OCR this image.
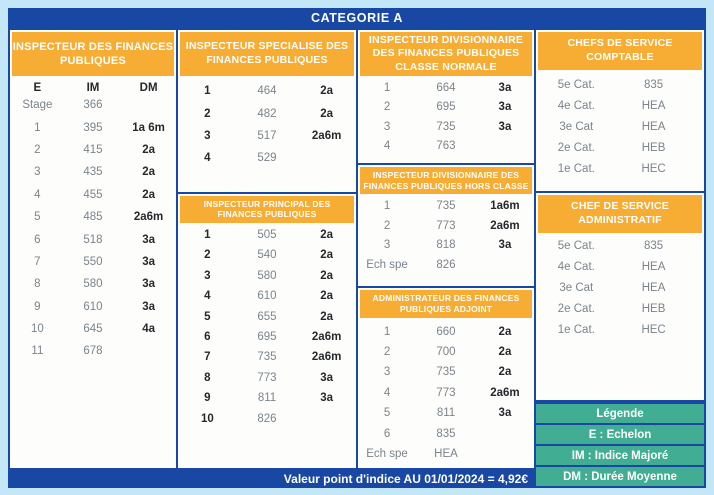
CATEGORIE A
INSPECTEUR DES FINANCES PUBLIQUES
E	IM	DM
Stage	366
1	395	1a 6m
2	415	2a
3	435	2a
4	455	2a
5	485	2a6m
6	518	3a
7	550	3a
8	580	3a
9	610	3a
10	645	4a
11	678
INSPECTEUR SPECIALISE DES FINANCES PUBLIQUES
1	464	2a
2	482	2a
3	517	2a6m
4	529
INSPECTEUR PRINCIPAL DES FINANCES PUBLIQUES
1	505	2a
2	540	2a
3	580	2a
4	610	2a
5	655	2a
6	695	2a6m
7	735	2a6m
8	773	3a
9	811	3a
10	826
INSPECTEUR DIVISIONNAIRE DES FINANCES PUBLIQUES CLASSE NORMALE
1	664	3a
2	695	3a
3	735	3a
4	763
INSPECTEUR DIVISIONNAIRE DES FINANCES PUBLIQUES HORS CLASSE
1	735	1a6m
2	773	2a6m
3	818	3a
Ech spe	826
ADMINISTRATEUR DES FINANCES PUBLIQUES ADJOINT
1	660	2a
2	700	2a
3	735	2a
4	773	2a6m
5	811	3a
6	835
Ech spe	HEA
CHEFS DE SERVICE COMPTABLE
5e Cat.	835
4e Cat.	HEA
3e Cat	HEA
2e Cat.	HEB
1e Cat.	HEC
CHEF DE SERVICE ADMINISTRATIF
5e Cat.	835
4e Cat.	HEA
3e Cat	HEA
2e Cat.	HEB
1e Cat.	HEC
Légende
E : Echelon
IM : Indice Majoré
DM : Durée Moyenne
Valeur point d'indice AU 01/01/2024 = 4,92€
